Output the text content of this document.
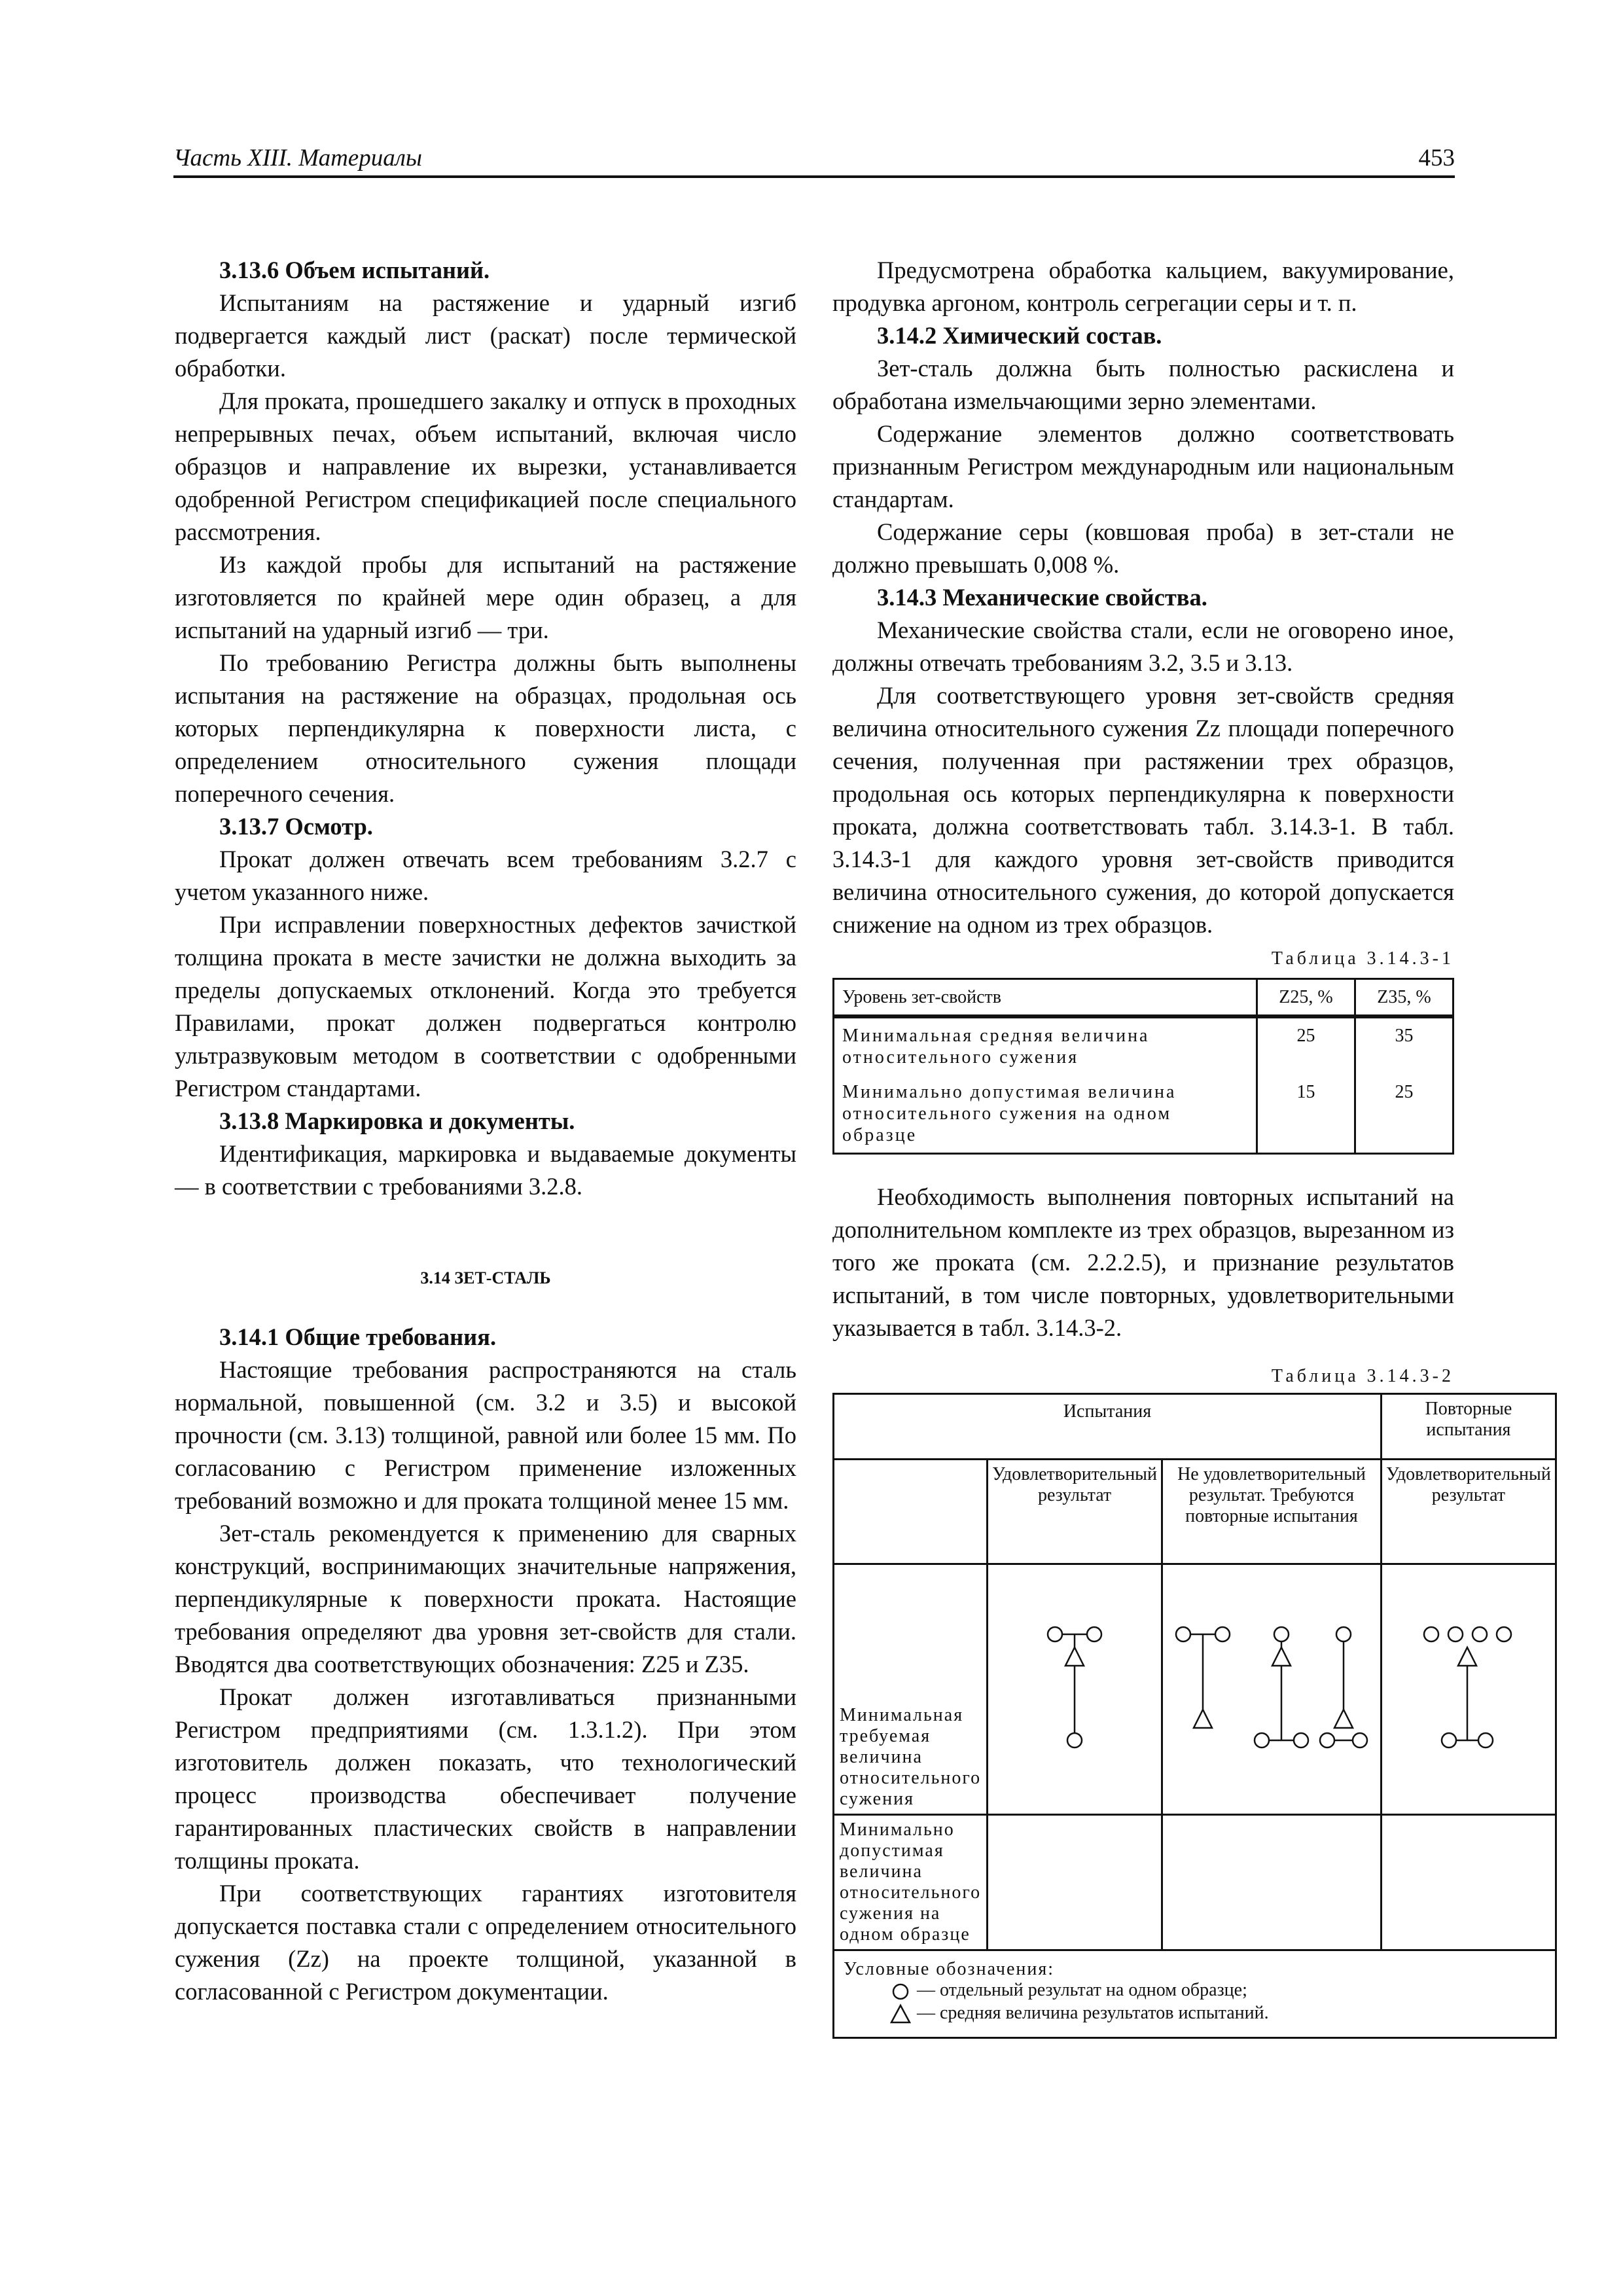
Часть XIII. Материалы	453

3.13.6 Объем испытаний.

Испытаниям на растяжение и ударный изгиб подвергается каждый лист (раскат) после термической обработки.

Для проката, прошедшего закалку и отпуск в проходных непрерывных печах, объем испытаний, включая число образцов и направление их вырезки, устанавливается одобренной Регистром спецификацией после специального рассмотрения.

Из каждой пробы для испытаний на растяжение изготовляется по крайней мере один образец, а для испытаний на ударный изгиб — три.

По требованию Регистра должны быть выполнены испытания на растяжение на образцах, продольная ось которых перпендикулярна к поверхности листа, с определением относительного сужения площади поперечного сечения.

3.13.7 Осмотр.

Прокат должен отвечать всем требованиям 3.2.7 с учетом указанного ниже.

При исправлении поверхностных дефектов зачисткой толщина проката в месте зачистки не должна выходить за пределы допускаемых отклонений. Когда это требуется Правилами, прокат должен подвергаться контролю ультразвуковым методом в соответствии с одобренными Регистром стандартами.

3.13.8 Маркировка и документы.

Идентификация, маркировка и выдаваемые документы — в соответствии с требованиями 3.2.8.

3.14 ЗЕТ-СТАЛЬ

3.14.1 Общие требования.

Настоящие требования распространяются на сталь нормальной, повышенной (см. 3.2 и 3.5) и высокой прочности (см. 3.13) толщиной, равной или более 15 мм. По согласованию с Регистром применение изложенных требований возможно и для проката толщиной менее 15 мм.

Зет-сталь рекомендуется к применению для сварных конструкций, воспринимающих значительные напряжения, перпендикулярные к поверхности проката. Настоящие требования определяют два уровня зет-свойств для стали. Вводятся два соответствующих обозначения: Z25 и Z35.

Прокат должен изготавливаться признанными Регистром предприятиями (см. 1.3.1.2). При этом изготовитель должен показать, что технологический процесс производства обеспечивает получение гарантированных пластических свойств в направлении толщины проката.

При соответствующих гарантиях изготовителя допускается поставка стали с определением относительного сужения (Zz) на проекте толщиной, указанной в согласованной с Регистром документации.

Предусмотрена обработка кальцием, вакуумирование, продувка аргоном, контроль сегрегации серы и т. п.

3.14.2 Химический состав.

Зет-сталь должна быть полностью раскислена и обработана измельчающими зерно элементами.

Содержание элементов должно соответствовать признанным Регистром международным или национальным стандартам.

Содержание серы (ковшовая проба) в зет-стали не должно превышать 0,008 %.

3.14.3 Механические свойства.

Механические свойства стали, если не оговорено иное, должны отвечать требованиям 3.2, 3.5 и 3.13.

Для соответствующего уровня зет-свойств средняя величина относительного сужения Zz площади поперечного сечения, полученная при растяжении трех образцов, продольная ось которых перпендикулярна к поверхности проката, должна соответствовать табл. 3.14.3-1. В табл. 3.14.3-1 для каждого уровня зет-свойств приводится величина относительного сужения, до которой допускается снижение на одном из трех образцов.

Таблица 3.14.3-1

Уровень зет-свойств	Z25, %	Z35, %
Минимальная средняя величина относительного сужения	25	35
Минимально допустимая величина относительного сужения на одном образце	15	25

Необходимость выполнения повторных испытаний на дополнительном комплекте из трех образцов, вырезанном из того же проката (см. 2.2.2.5), и признание результатов испытаний, в том числе повторных, удовлетворительными указывается в табл. 3.14.3-2.

Таблица 3.14.3-2

Испытания			Повторные испытания
	Удовлетворительный результат	Не удовлетворительный результат. Требуются повторные испытания	Удовлетворительный результат
Минимальная требуемая величина относительного сужения			
Минимально допустимая величина относительного сужения на одном образце			

Условные обозначения:
— отдельный результат на одном образце;
— средняя величина результатов испытаний.			
